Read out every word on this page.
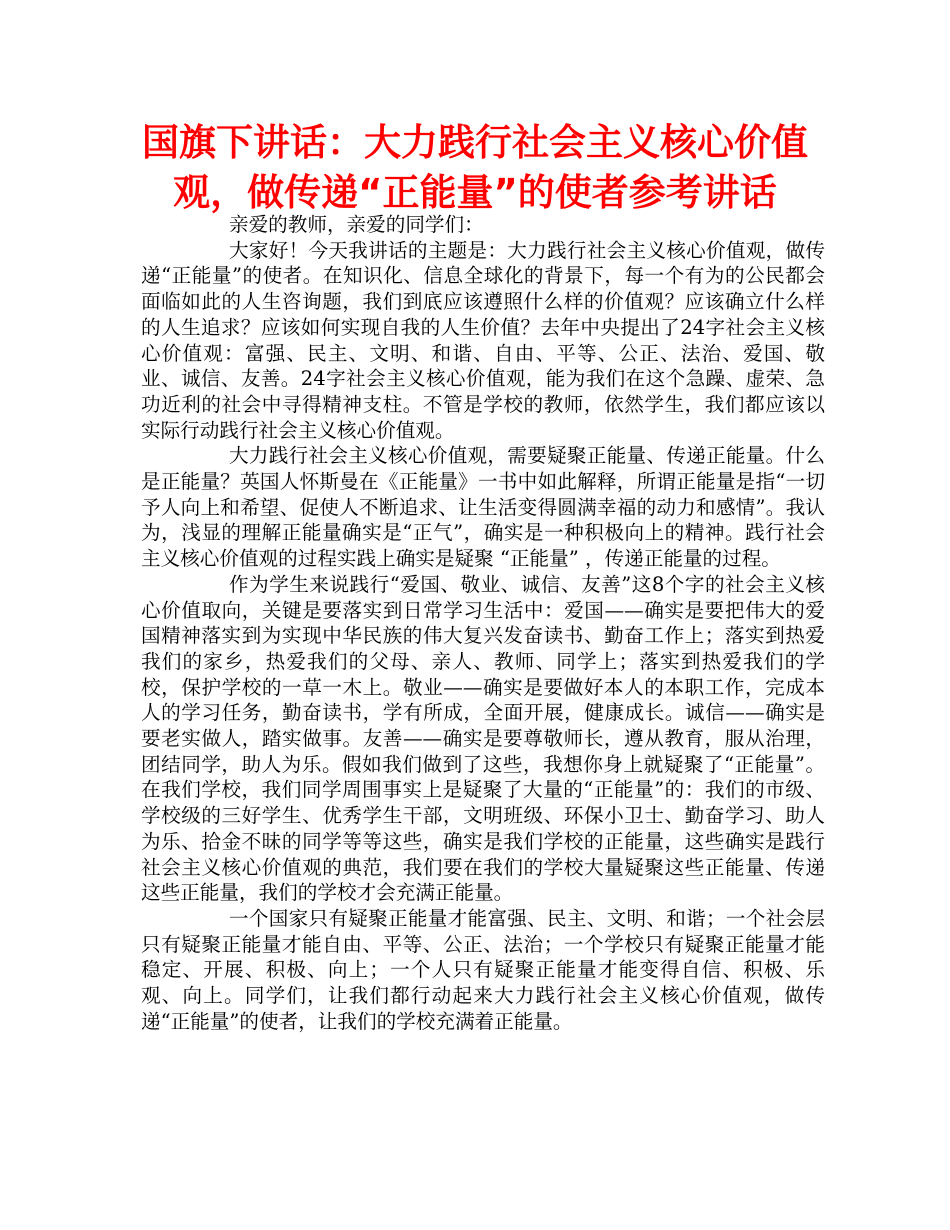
国旗下讲话：大力践行社会主义核心价值
观，做传递“正能量”的使者参考讲话

亲爱的教师，亲爱的同学们：

大家好！今天我讲话的主题是：大力践行社会主义核心价值观，做传递“正能量”的使者。在知识化、信息全球化的背景下，每一个有为的公民都会面临如此的人生咨询题，我们到底应该遵照什么样的价值观？应该确立什么样的人生追求？应该如何实现自我的人生价值？去年中央提出了24字社会主义核心价值观：富强、民主、文明、和谐、自由、平等、公正、法治、爱国、敬业、诚信、友善。24字社会主义核心价值观，能为我们在这个急躁、虚荣、急功近利的社会中寻得精神支柱。不管是学校的教师，依然学生，我们都应该以实际行动践行社会主义核心价值观。

大力践行社会主义核心价值观，需要疑聚正能量、传递正能量。什么是正能量？英国人怀斯曼在《正能量》一书中如此解释，所谓正能量是指“一切予人向上和希望、促使人不断追求、让生活变得圆满幸福的动力和感情”。我认为，浅显的理解正能量确实是“正气”，确实是一种积极向上的精神。践行社会主义核心价值观的过程实践上确实是疑聚 “正能量” ，传递正能量的过程。

作为学生来说践行“爱国、敬业、诚信、友善”这8个字的社会主义核心价值取向，关键是要落实到日常学习生活中：爱国——确实是要把伟大的爱国精神落实到为实现中华民族的伟大复兴发奋读书、勤奋工作上；落实到热爱我们的家乡，热爱我们的父母、亲人、教师、同学上；落实到热爱我们的学校，保护学校的一草一木上。敬业——确实是要做好本人的本职工作，完成本人的学习任务，勤奋读书，学有所成，全面开展，健康成长。诚信——确实是要老实做人，踏实做事。友善——确实是要尊敬师长，遵从教育，服从治理，团结同学，助人为乐。假如我们做到了这些，我想你身上就疑聚了“正能量”。在我们学校，我们同学周围事实上是疑聚了大量的“正能量”的：我们的市级、学校级的三好学生、优秀学生干部，文明班级、环保小卫士、勤奋学习、助人为乐、拾金不昧的同学等等这些，确实是我们学校的正能量，这些确实是践行社会主义核心价值观的典范，我们要在我们的学校大量疑聚这些正能量、传递这些正能量，我们的学校才会充满正能量。

一个国家只有疑聚正能量才能富强、民主、文明、和谐；一个社会层只有疑聚正能量才能自由、平等、公正、法治；一个学校只有疑聚正能量才能稳定、开展、积极、向上；一个人只有疑聚正能量才能变得自信、积极、乐观、向上。同学们，让我们都行动起来大力践行社会主义核心价值观，做传递“正能量”的使者，让我们的学校充满着正能量。
